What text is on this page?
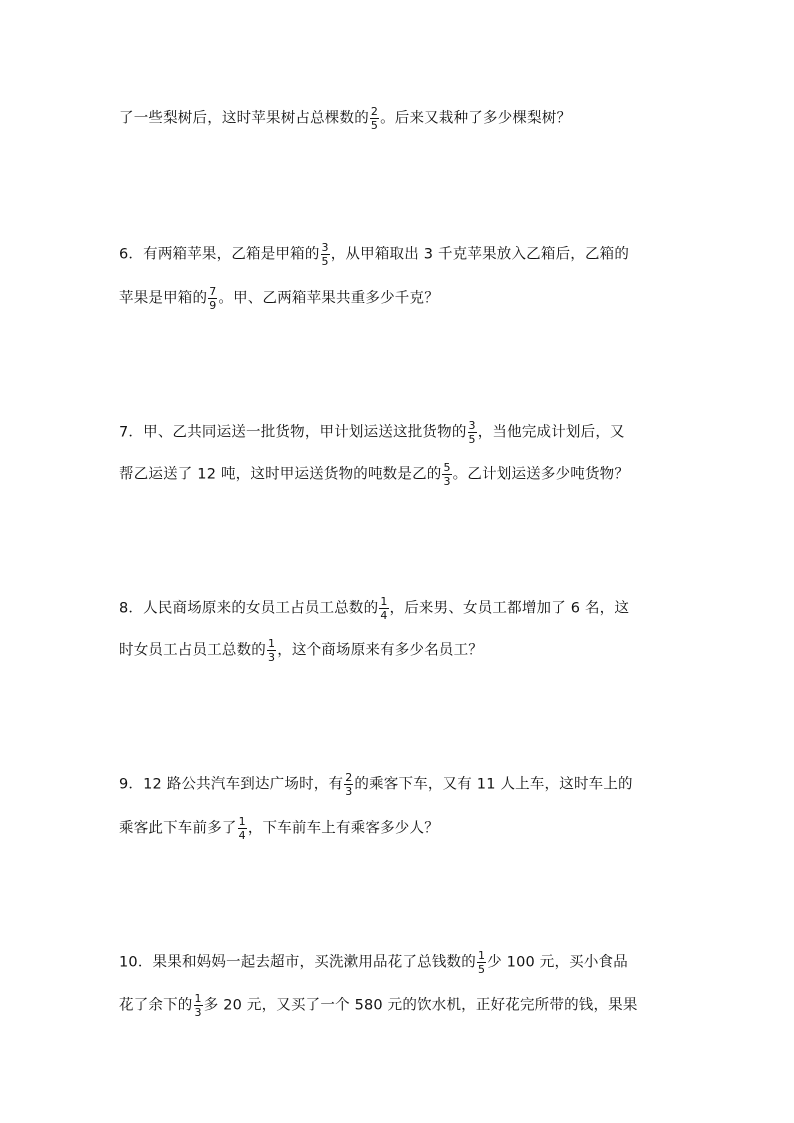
了一些梨树后，这时苹果树占总棵数的 $\frac{2}{5}$ 。后来又栽种了多少棵梨树？
6．有两箱苹果，乙箱是甲箱的 $\frac{3}{5}$ ，从甲箱取出 3 千克苹果放入乙箱后，乙箱的
苹果是甲箱的 $\frac{7}{9}$ 。甲、乙两箱苹果共重多少千克？
7．甲、乙共同运送一批货物，甲计划运送这批货物的 $\frac{3}{5}$ ，当他完成计划后，又
帮乙运送了 12 吨，这时甲运送货物的吨数是乙的 $\frac{5}{3}$ 。乙计划运送多少吨货物？
8．人民商场原来的女员工占员工总数的 $\frac{1}{4}$ ，后来男、女员工都增加了 6 名，这
时女员工占员工总数的 $\frac{1}{3}$ ，这个商场原来有多少名员工？
9．12 路公共汽车到达广场时，有 $\frac{2}{3}$ 的乘客下车，又有 11 人上车，这时车上的
乘客此下车前多了 $\frac{1}{4}$ ，下车前车上有乘客多少人？
10．果果和妈妈一起去超市，买洗漱用品花了总钱数的 $\frac{1}{5}$ 少 100 元，买小食品
花了余下的 $\frac{1}{3}$ 多 20 元，又买了一个 580 元的饮水机，正好花完所带的钱，果果
